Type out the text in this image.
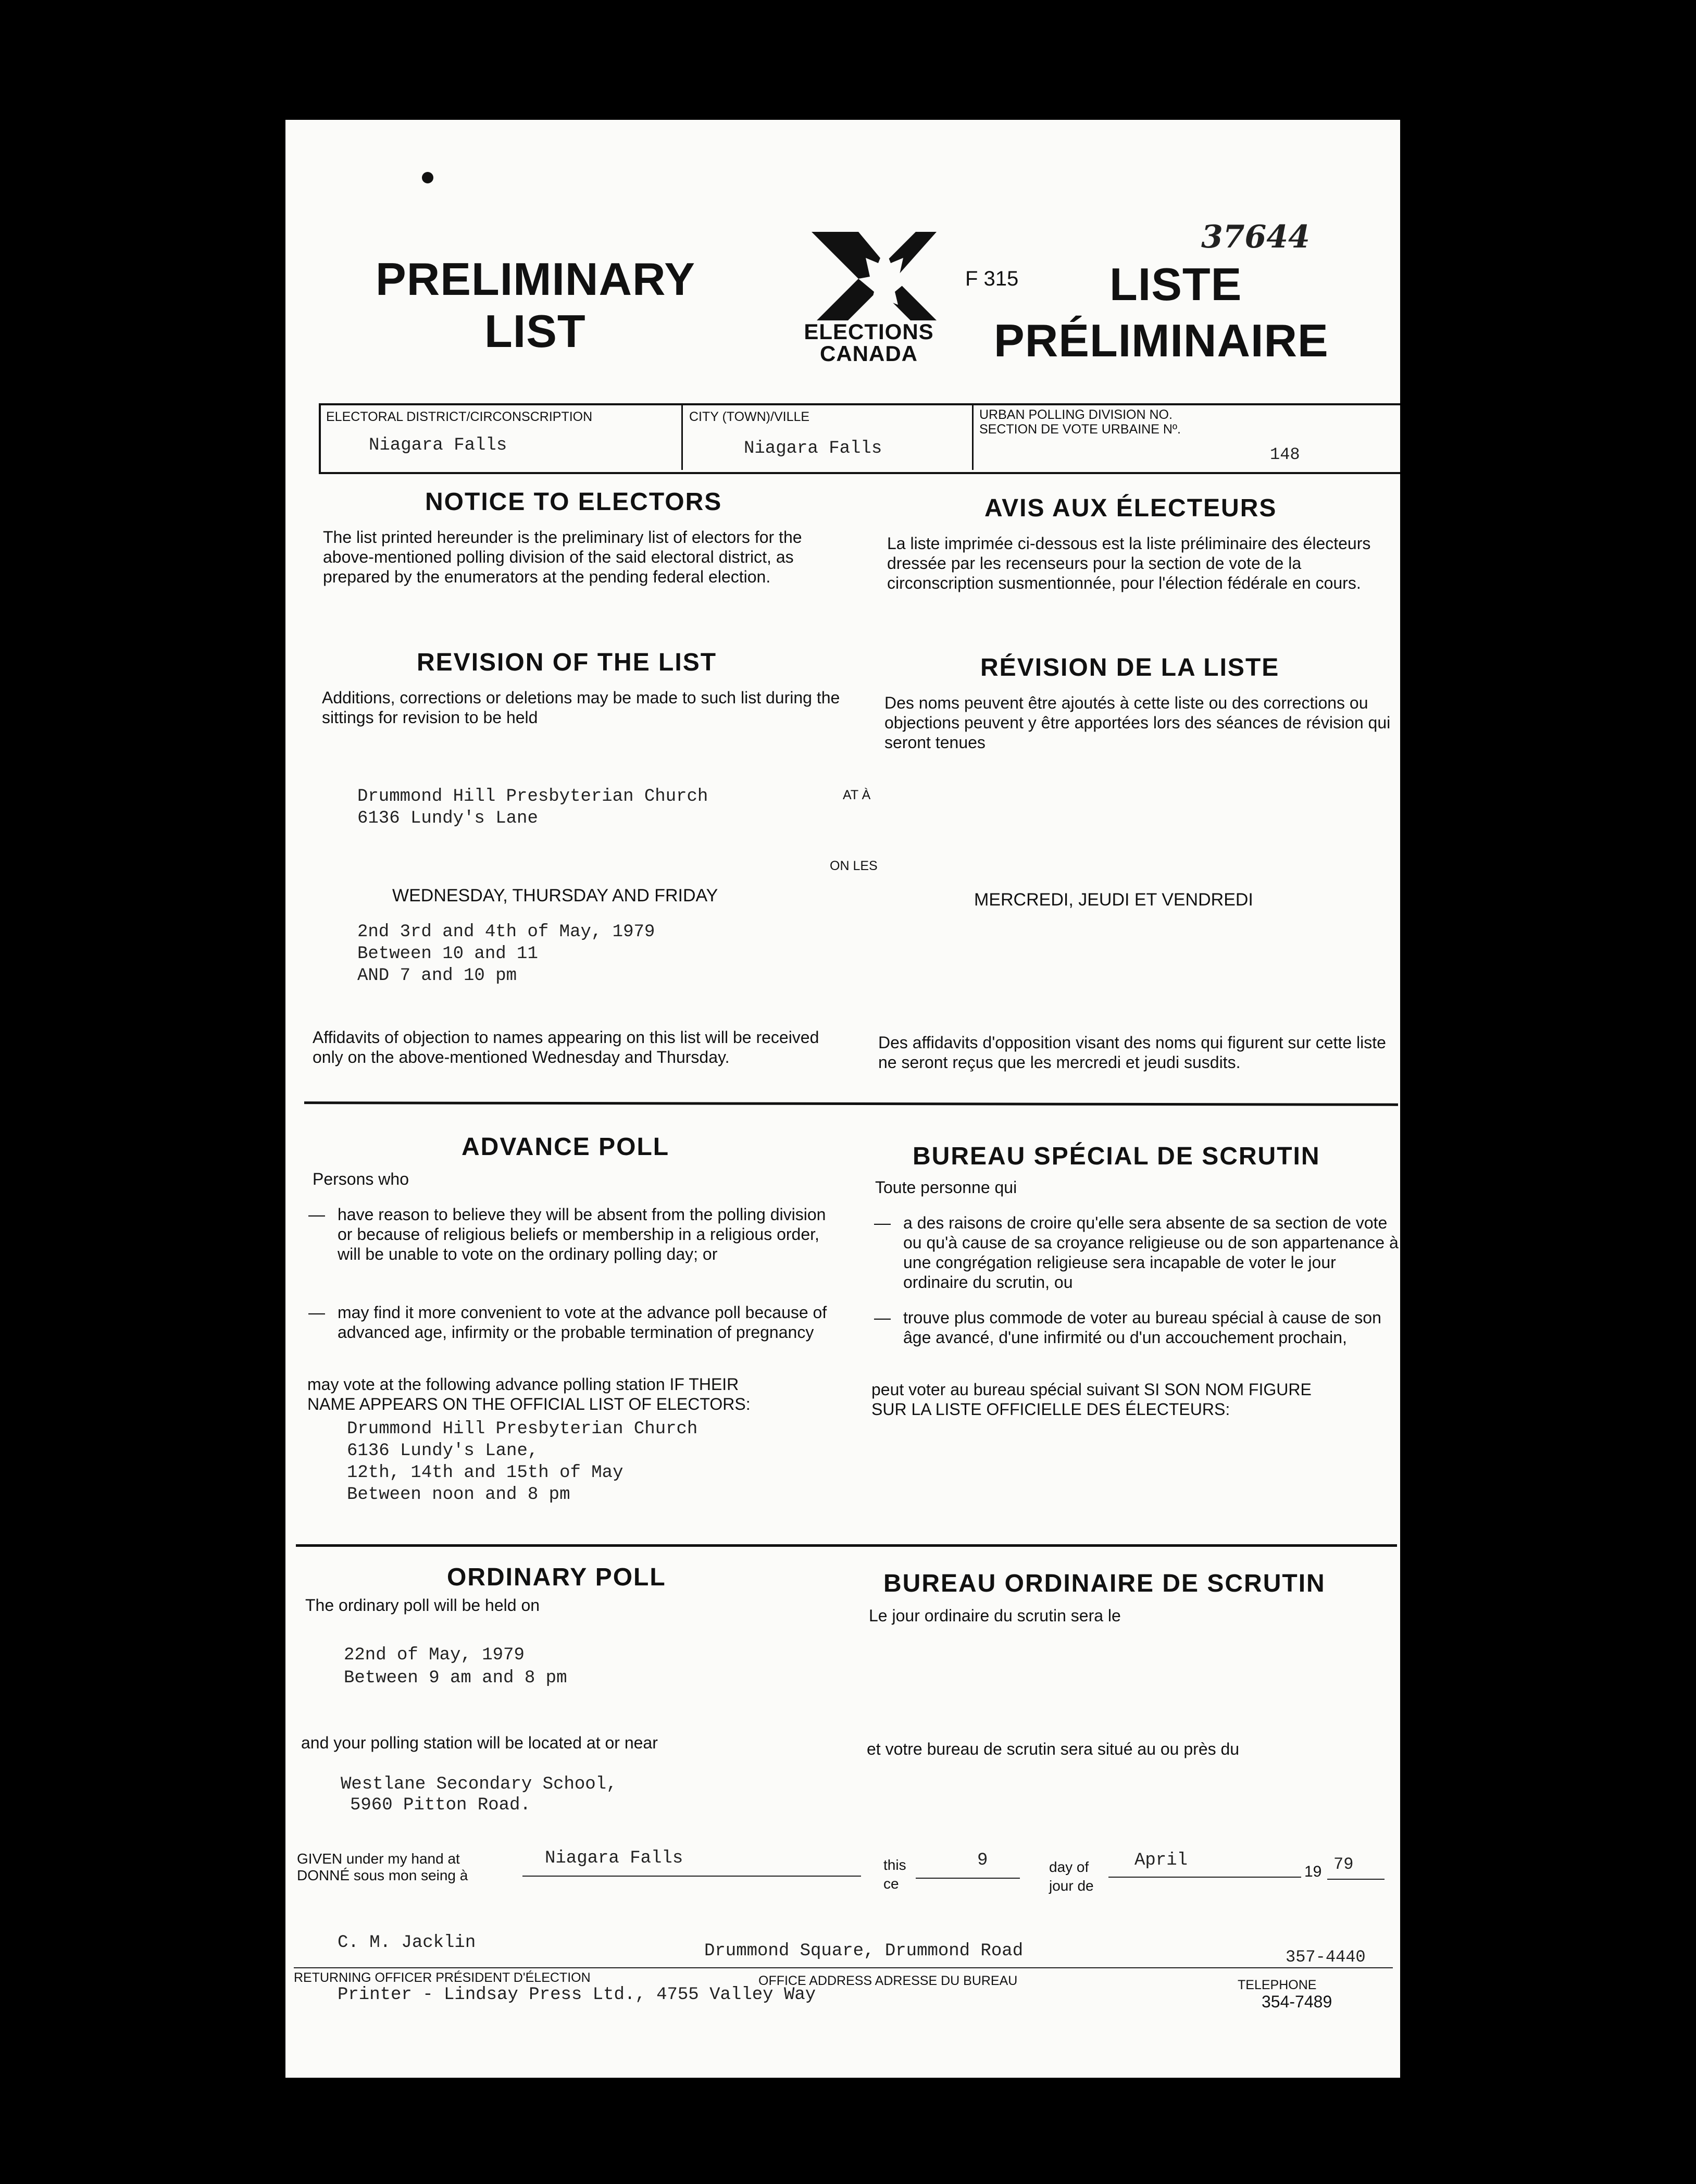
PRELIMINARY
LIST	ELECTIONS
CANADA
F 315
37644
LISTE
PRÉLIMINAIRE
ELECTORAL DISTRICT/CIRCONSCRIPTION
Niagara Falls
CITY (TOWN)/VILLE
Niagara Falls
URBAN POLLING DIVISION NO.
SECTION DE VOTE URBAINE Nº.
148
NOTICE TO ELECTORS
The list printed hereunder is the preliminary list of electors for the above-mentioned polling division of the said electoral district, as prepared by the enumerators at the pending federal election.
AVIS AUX ÉLECTEURS
La liste imprimée ci-dessous est la liste préliminaire des électeurs dressée par les recenseurs pour la section de vote de la circonscription susmentionnée, pour l'élection fédérale en cours.
REVISION OF THE LIST
Additions, corrections or deletions may be made to such list during the sittings for revision to be held
RÉVISION DE LA LISTE
Des noms peuvent être ajoutés à cette liste ou des corrections ou objections peuvent y être apportées lors des séances de révision qui seront tenues
Drummond Hill Presbyterian Church
6136 Lundy's Lane
AT À
ON LES
WEDNESDAY, THURSDAY AND FRIDAY	MERCREDI, JEUDI ET VENDREDI
2nd 3rd and 4th of May, 1979
Between 10 and 11
AND 7 and 10 pm
Affidavits of objection to names appearing on this list will be received only on the above-mentioned Wednesday and Thursday.
Des affidavits d'opposition visant des noms qui figurent sur cette liste ne seront reçus que les mercredi et jeudi susdits.
ADVANCE POLL
Persons who
— have reason to believe they will be absent from the polling division or because of religious beliefs or membership in a religious order, will be unable to vote on the ordinary polling day; or
— may find it more convenient to vote at the advance poll because of advanced age, infirmity or the probable termination of pregnancy
may vote at the following advance polling station IF THEIR
NAME APPEARS ON THE OFFICIAL LIST OF ELECTORS:
Drummond Hill Presbyterian Church
6136 Lundy's Lane,
12th, 14th and 15th of May
Between noon and 8 pm
BUREAU SPÉCIAL DE SCRUTIN
Toute personne qui
— a des raisons de croire qu'elle sera absente de sa section de vote ou qu'à cause de sa croyance religieuse ou de son appartenance à une congrégation religieuse sera incapable de voter le jour ordinaire du scrutin, ou
— trouve plus commode de voter au bureau spécial à cause de son âge avancé, d'une infirmité ou d'un accouchement prochain,
peut voter au bureau spécial suivant SI SON NOM FIGURE
SUR LA LISTE OFFICIELLE DES ÉLECTEURS:
ORDINARY POLL
The ordinary poll will be held on
BUREAU ORDINAIRE DE SCRUTIN
Le jour ordinaire du scrutin sera le
22nd of May, 1979
Between 9 am and 8 pm
and your polling station will be located at or near	et votre bureau de scrutin sera situé au ou près du
Westlane Secondary School,
5960 Pitton Road.
GIVEN under my hand at
DONNÉ sous mon seing à
Niagara Falls	this
ce
9	day of
jour de
April
19 79
C. M. Jacklin	Drummond Square, Drummond Road	357-4440
RETURNING OFFICER PRÉSIDENT D'ÉLECTION	OFFICE ADDRESS ADRESSE DU BUREAU	TELEPHONE
Printer - Lindsay Press Ltd., 4755 Valley Way	354-7489
